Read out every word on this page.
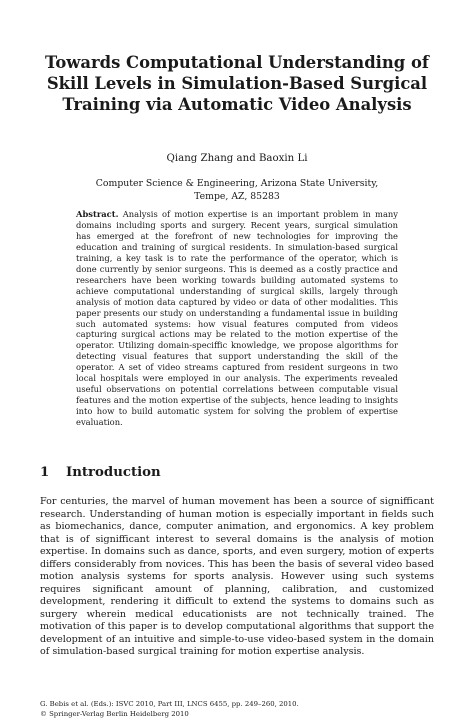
Towards Computational Understanding of Skill Levels in Simulation-Based Surgical Training via Automatic Video Analysis
Qiang Zhang and Baoxin Li
Computer Science & Engineering, Arizona State University,
Tempe, AZ, 85283

Abstract. Analysis of motion expertise is an important problem in many domains including sports and surgery. Recent years, surgical simulation has emerged at the forefront of new technologies for improving the education and training of surgical residents. In simulation-based surgical training, a key task is to rate the performance of the operator, which is done currently by senior surgeons. This is deemed as a costly practice and researchers have been working towards building automated systems to achieve computational understanding of surgical skills, largely through analysis of motion data captured by video or data of other modalities. This paper presents our study on understanding a fundamental issue in building such automated systems: how visual features computed from videos capturing surgical actions may be related to the motion expertise of the operator. Utilizing domain-speciffic knowledge, we propose algorithms for detecting visual features that support understanding the skill of the operator. A set of video streams captured from resident surgeons in two local hospitals were employed in our analysis. The experiments revealed useful observations on potential correlations between computable visual features and the motion expertise of the subjects, hence leading to insights into how to build automatic system for solving the problem of expertise evaluation.

1 Introduction

For centuries, the marvel of human movement has been a source of signifficant research. Understanding of human motion is especially important in fields such as biomechanics, dance, computer animation, and ergonomics. A key problem that is of signifficant interest to several domains is the analysis of motion expertise. In domains such as dance, sports, and even surgery, motion of experts differs considerably from novices. This has been the basis of several video based motion analysis systems for sports analysis. However using such systems requires significant amount of planning, calibration, and customized development, rendering it difficult to extend the systems to domains such as surgery wherein medical educationists are not technically trained. The motivation of this paper is to develop computational algorithms that support the development of an intuitive and simple-to-use video-based system in the domain of simulation-based surgical training for motion expertise analysis.

G. Bebis et al. (Eds.): ISVC 2010, Part III, LNCS 6455, pp. 249–260, 2010.
© Springer-Verlag Berlin Heidelberg 2010
